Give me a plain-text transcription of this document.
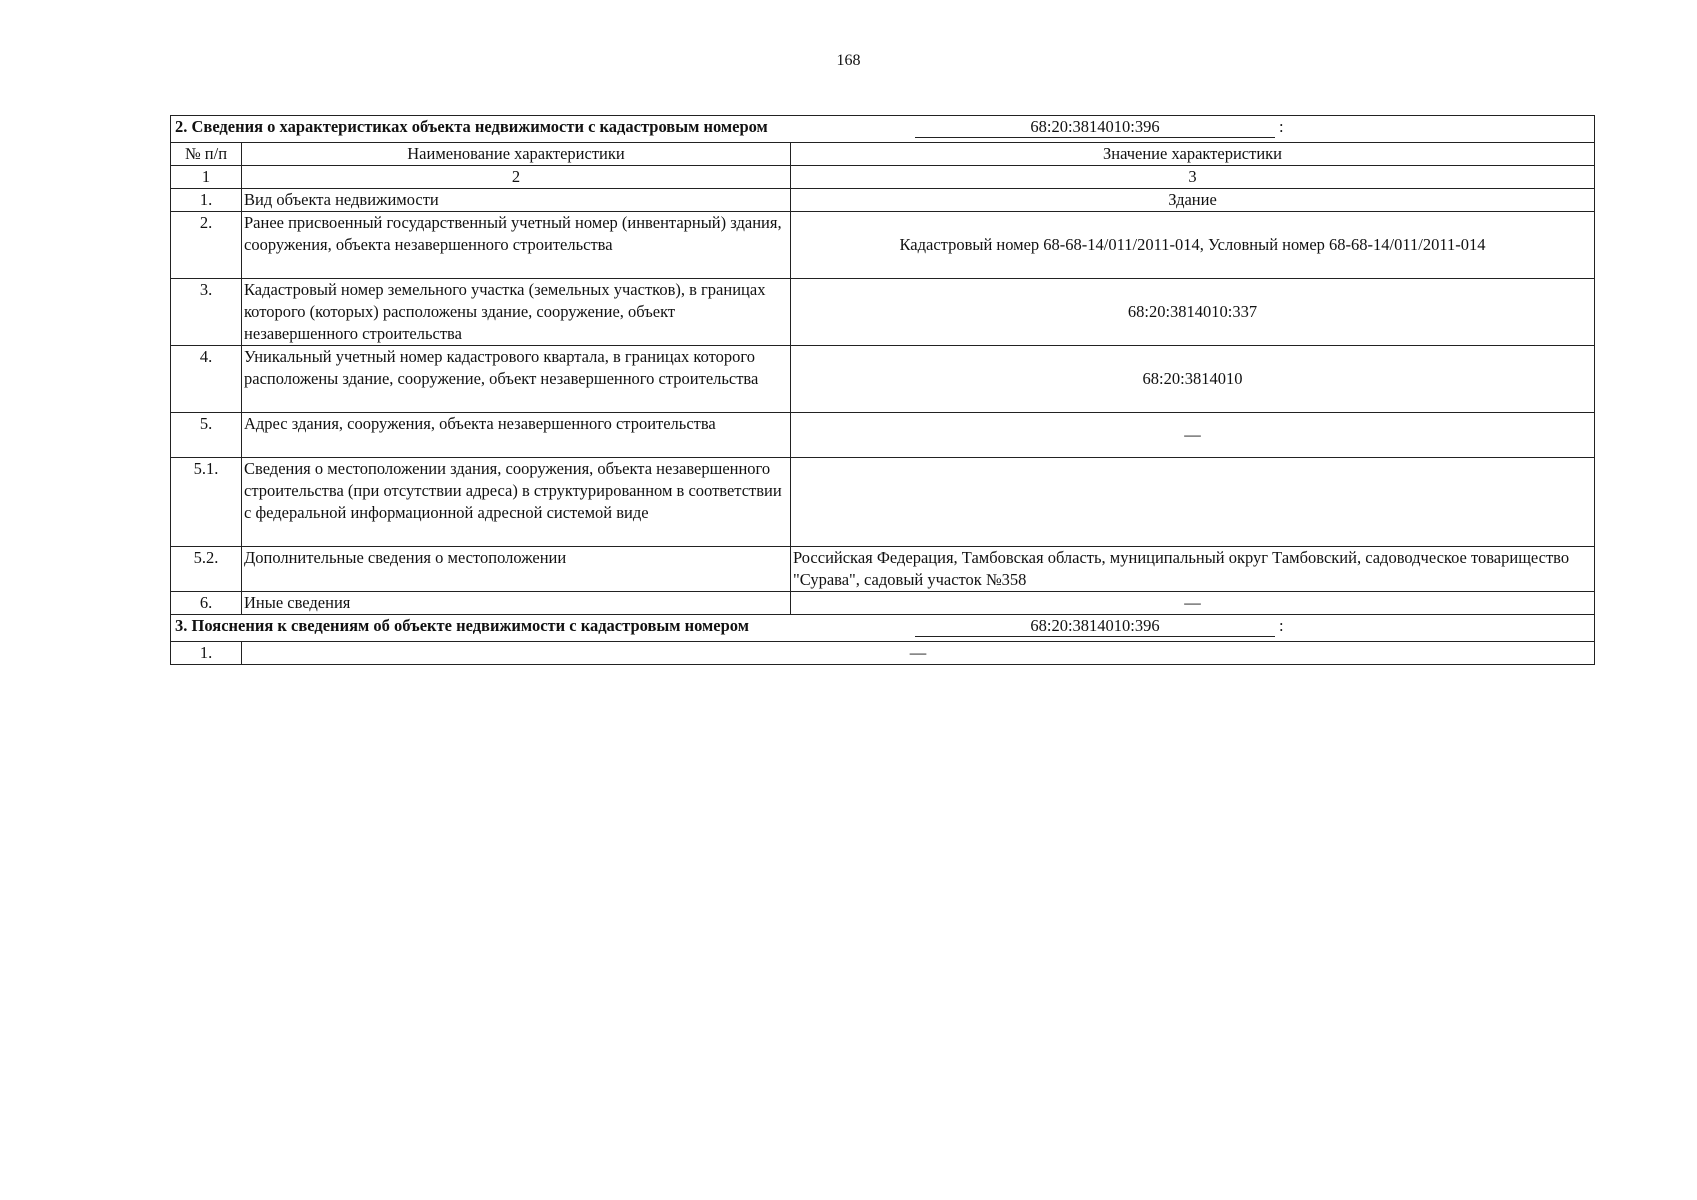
168
2. Сведения о характеристиках объекта недвижимости с кадастровым номером 68:20:3814010:396 :		
№ п/п	Наименование характеристики	Значение характеристики
1	2	3
1.	Вид объекта недвижимости	Здание
2.	Ранее присвоенный государственный учетный номер (инвентарный) здания, сооружения, объекта незавершенного строительства	Кадастровый номер 68-68-14/011/2011-014, Условный номер 68-68-14/011/2011-014
3.	Кадастровый номер земельного участка (земельных участков), в границах которого (которых) расположены здание, сооружение, объект незавершенного строительства	68:20:3814010:337
4.	Уникальный учетный номер кадастрового квартала, в границах которого расположены здание, сооружение, объект незавершенного строительства	68:20:3814010
5.	Адрес здания, сооружения, объекта незавершенного строительства	—
5.1.	Сведения о местоположении здания, сооружения, объекта незавершенного строительства (при отсутствии адреса) в структурированном в соответствии с федеральной информационной адресной системой виде	
5.2.	Дополнительные сведения о местоположении	Российская Федерация, Тамбовская область, муниципальный округ Тамбовский, садоводческое товарищество "Сурава", садовый участок №358
6.	Иные сведения	—
3. Пояснения к сведениям об объекте недвижимости с кадастровым номером 68:20:3814010:396 :		
1.	—	
